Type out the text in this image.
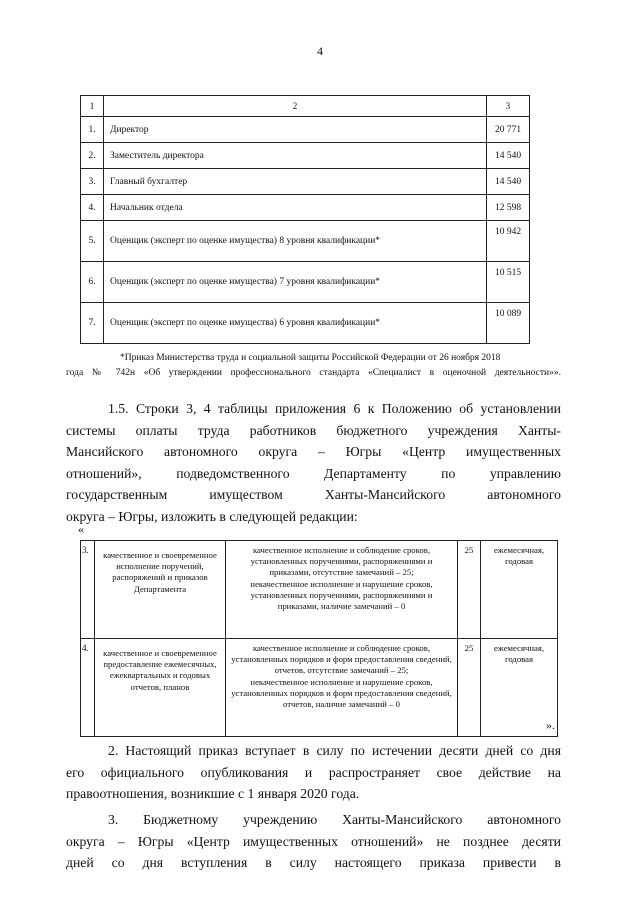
4
1	2	3
1.	Директор	20 771
2.	Заместитель директора	14 540
3.	Главный бухгалтер	14 540
4.	Начальник отдела	12 598
5.	Оценщик (эксперт по оценке имущества) 8 уровня квалификации*	10 942
6.	Оценщик (эксперт по оценке имущества) 7 уровня квалификации*	10 515
7.	Оценщик (эксперт по оценке имущества) 6 уровня квалификации*	10 089
*Приказ Министерства труда и социальной защиты Российской Федерации от 26 ноября 2018
года № 742н «Об утверждении профессионального стандарта «Специалист в оценочной деятельности»».
1.5. Строки 3, 4 таблицы приложения 6 к Положению об установлении
системы оплаты труда работников бюджетного учреждения Ханты-
Мансийского автономного округа – Югры «Центр имущественных
отношений», подведомственного Департаменту по управлению
государственным имуществом Ханты-Мансийского автономного
округа – Югры, изложить в следующей редакции:
«
3.	качественное и своевременное исполнение поручений, распоряжений и приказов Департамента	качественное исполнение и соблюдение сроков, установленных поручениями, распоряжениями и приказами, отсутствие замечаний – 25;
некачественное исполнение и нарушение сроков, установленных поручениями, распоряжениями и приказами, наличие замечаний – 0	25	ежемесячная, годовая
4.	качественное и своевременное предоставление ежемесячных, ежеквартальных и годовых отчетов, планов	качественное исполнение и соблюдение сроков, установленных порядков и форм предоставления сведений, отчетов, отсутствие замечаний – 25;
некачественное исполнение и нарушение сроков, установленных порядков и форм предоставления сведений, отчетов, наличие замечаний – 0	25	ежемесячная, годовая
».
2. Настоящий приказ вступает в силу по истечении десяти дней со дня
его официального опубликования и распространяет свое действие на
правоотношения, возникшие с 1 января 2020 года.
3. Бюджетному учреждению Ханты-Мансийского автономного
округа – Югры «Центр имущественных отношений» не позднее десяти
дней со дня вступления в силу настоящего приказа привести в
